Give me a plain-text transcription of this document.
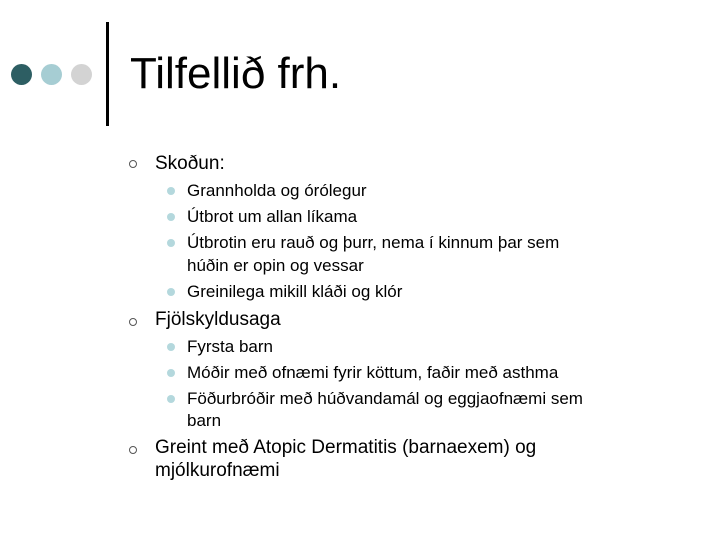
Tilfellið frh.
Skoðun:
Grannholda og órólegur
Útbrot um allan líkama
Útbrotin eru rauð og þurr, nema í kinnum þar sem
húðin er opin og vessar
Greinilega mikill kláði og klór
Fjölskyldusaga
Fyrsta barn
Móðir með ofnæmi fyrir köttum, faðir með asthma
Föðurbróðir með húðvandamál og eggjaofnæmi sem
barn
Greint með Atopic Dermatitis (barnaexem) og
mjólkurofnæmi
